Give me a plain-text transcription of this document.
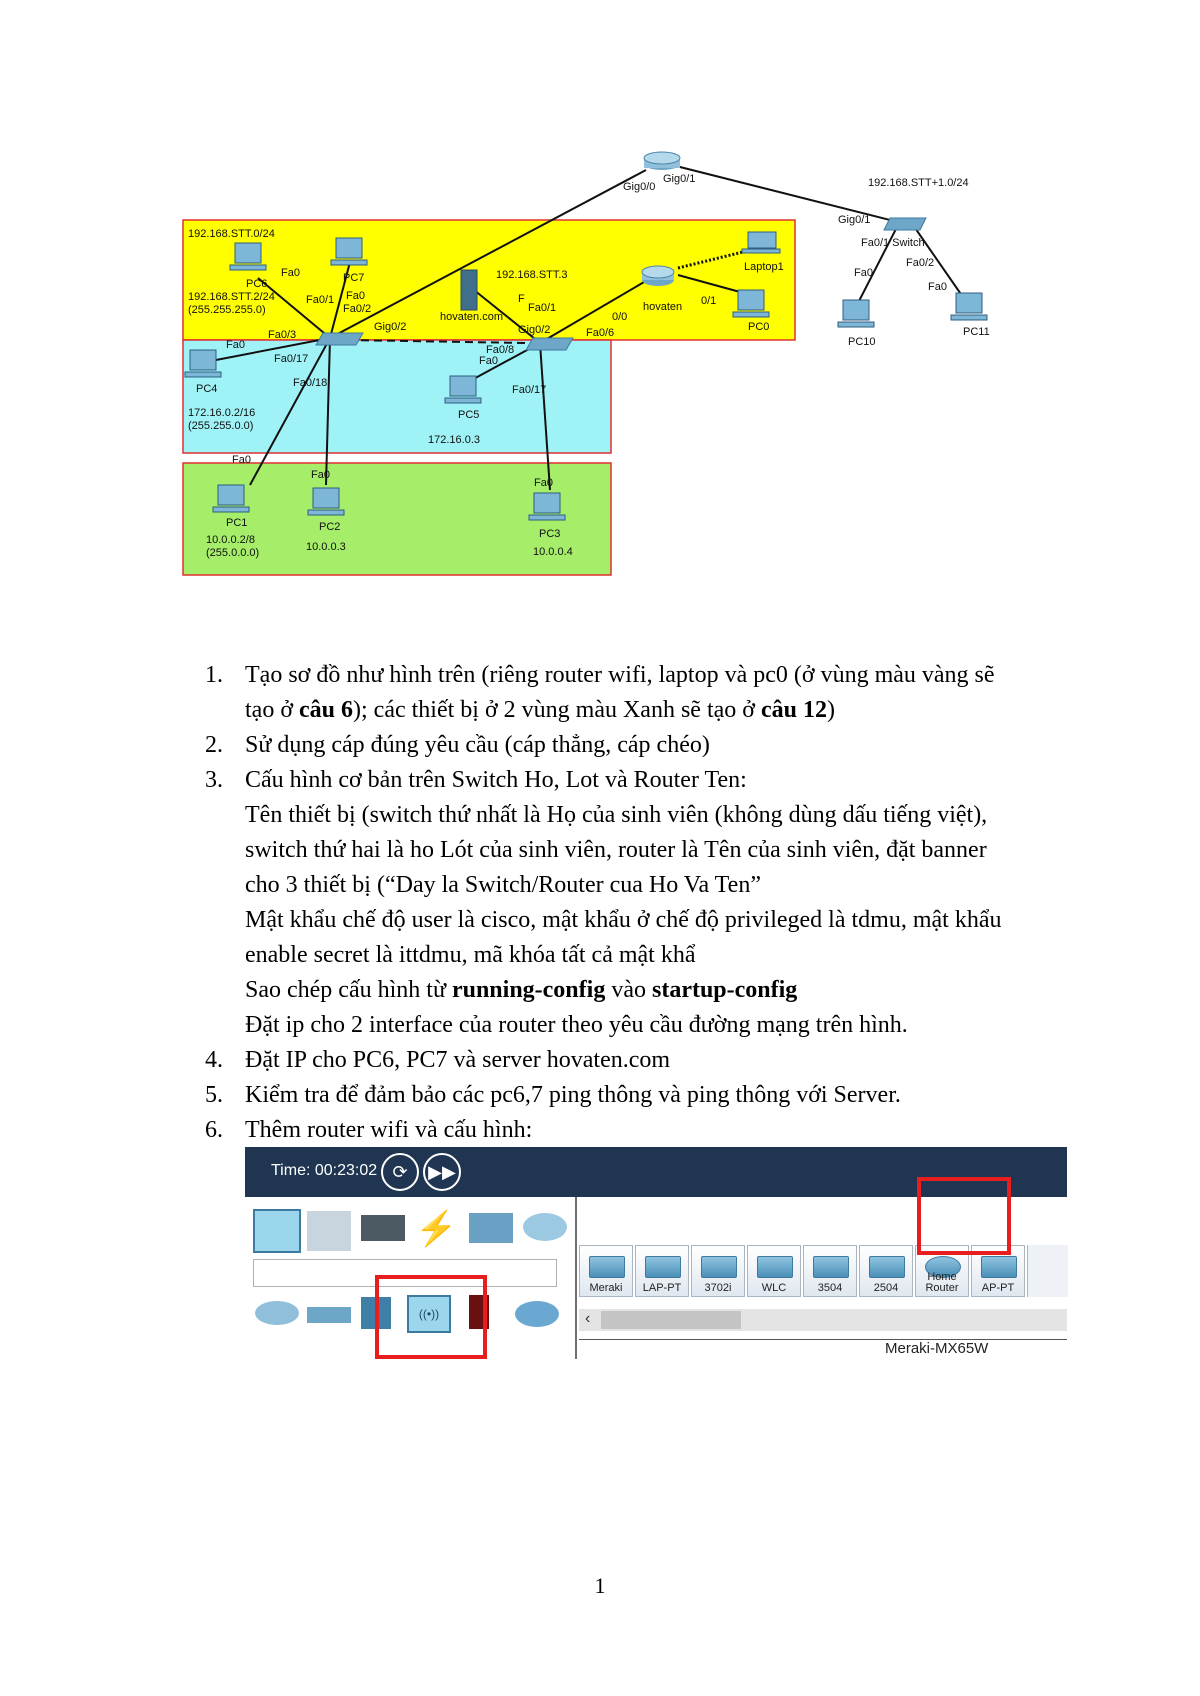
Gig0/0
Gig0/1	192.168.STT+1.0/24
Gig0/1
Fa0/1 Switch
Fa0/2
Fa0
Fa0
PC10
PC11
192.168.STT.0/24
PC6
Fa0	PC7
192.168.STT.2/24
(255.255.255.0)
Fa0/1 Fa0
Fa0/2
Gig0/2
Fa0/3
hovaten.com
192.168.STT.3
F
Fa0/1
Gig0/2	Fa0/6
hovaten
0/0
0/1
Laptop1
PC0
Fa0
PC4
Fa0/17
Fa0/18
172.16.0.2/16
(255.255.0.0)
Fa0/8
Fa0
Fa0/17
PC5
172.16.0.3
Fa0
Fa0
Fa0
PC1	PC2
PC3
10.0.0.2/8
(255.0.0.0)	10.0.0.3	10.0.0.4
1. Tạo sơ đồ như hình trên (riêng router wifi, laptop và pc0 (ở vùng màu vàng sẽ
tạo ở câu 6); các thiết bị ở 2 vùng màu Xanh sẽ tạo ở câu 12)
2. Sử dụng cáp đúng yêu cầu (cáp thẳng, cáp chéo)
3. Cấu hình cơ bản trên Switch Ho, Lot và Router Ten:
Tên thiết bị (switch thứ nhất là Họ của sinh viên (không dùng dấu tiếng việt),
switch thứ hai là ho Lót của sinh viên, router là Tên của sinh viên, đặt banner
cho 3 thiết bị (“Day la Switch/Router cua Ho Va Ten”
Mật khẩu chế độ user là cisco, mật khẩu ở chế độ privileged là tdmu, mật khẩu
enable secret là ittdmu, mã khóa tất cả mật khẩ
Sao chép cấu hình từ running-config vào startup-config
Đặt ip cho 2 interface của router theo yêu cầu đường mạng trên hình.
4. Đặt IP cho PC6, PC7 và server hovaten.com
5. Kiểm tra để đảm bảo các pc6,7 ping thông và ping thông với Server.
6. Thêm router wifi và cấu hình:
Time: 00:23:02 ⟳	▶▶
⚡
((•))
Meraki	LAP-PT	3702i	WLC	3504	2504
Home Router	AP-PT
‹
Meraki-MX65W
1
